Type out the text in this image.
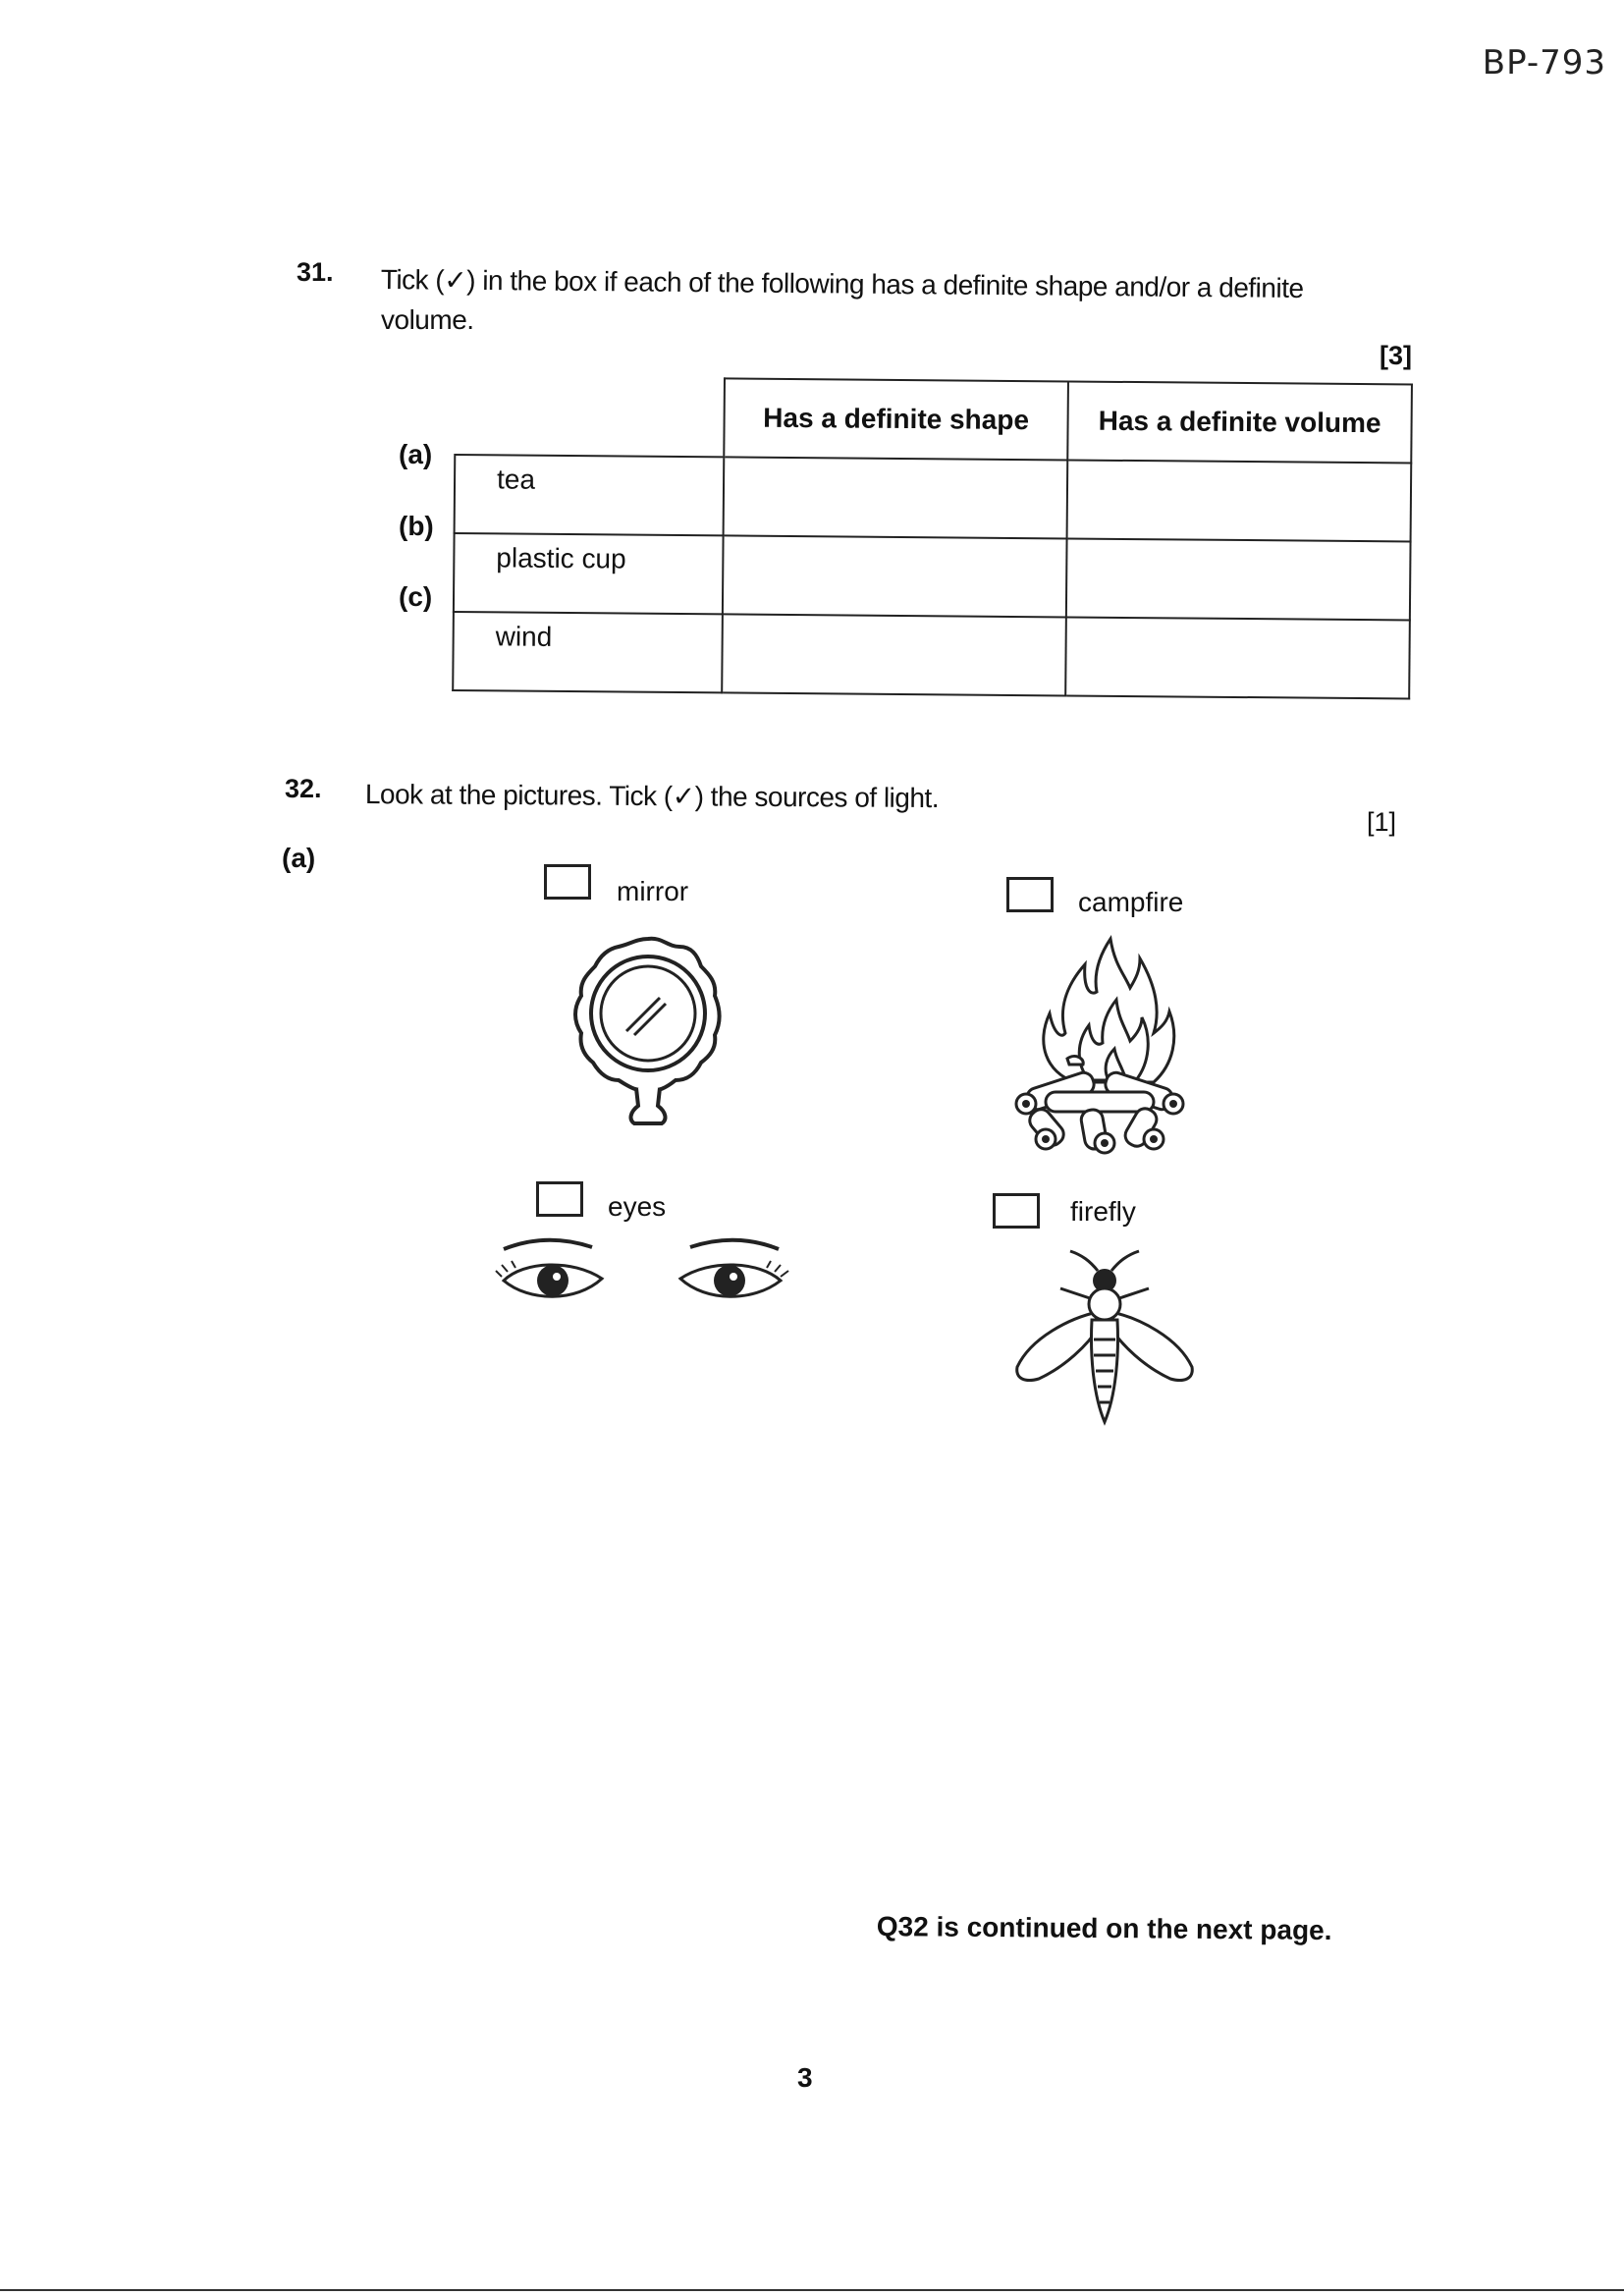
BP-793
31. Tick (✓) in the box if each of the following has a definite shape and/or a definite
volume.
[3]
(a)
(b)
(c)
	Has a definite shape	Has a definite volume
tea		
plastic cup		
wind		
32. Look at the pictures. Tick (✓) the sources of light.
[1]
(a)
mirror	campfire
eyes	firefly
Q32 is continued on the next page.
3
